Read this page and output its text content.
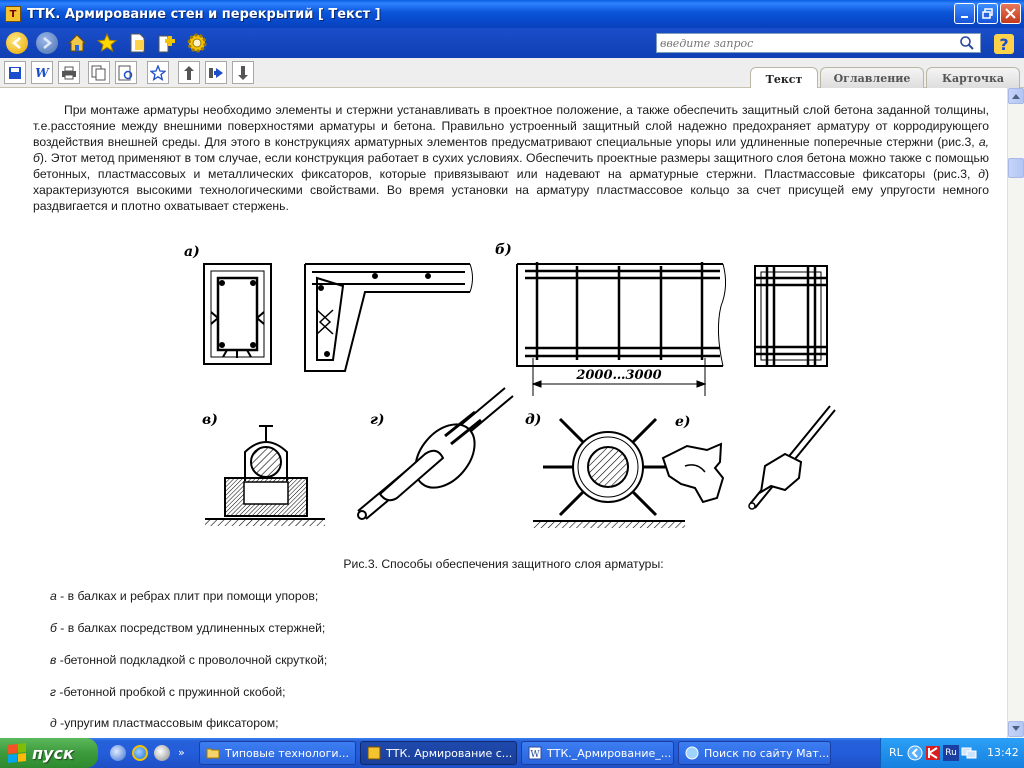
Т ТТК. Армирование стен и перекрытий [ Текст ]
введите запрос
?
W	Текст	Оглавление	Карточка

При монтаже арматуры необходимо элементы и стержни устанавливать в проектное положение, а также обеспечить защитный слой бетона заданной толщины, т.е.расстояние между внешними поверхностями арматуры и бетона. Правильно устроенный защитный слой надежно предохраняет арматуру от корродирующего воздействия внешней среды. Для этого в конструкциях арматурных элементов предусматривают специальные упоры или удлиненные поперечные стержни (рис.3, а, б). Этот метод применяют в том случае, если конструкция работает в сухих условиях. Обеспечить проектные размеры защитного слоя бетона можно также с помощью бетонных, пластмассовых и металлических фиксаторов, которые привязывают или надевают на арматурные стержни. Пластмассовые фиксаторы (рис.3, д) характеризуются высокими технологическими свойствами. Во время установки на арматуру пластмассовое кольцо за счет присущей ему упругости немного раздвигается и плотно охватывает стержень.

а)	б)
2000…3000
в)	г)	д)	е)
Рис.3. Способы обеспечения защитного слоя арматуры:
а - в балках и ребрах плит при помощи упоров;
б - в балках посредством удлиненных стержней;
в -бетонной подкладкой с проволочной скруткой;
г -бетонной пробкой с пружинной скобой;
д -упругим пластмассовым фиксатором;
пуск	»	Типовые технологи...	ТТК. Армирование с... W ТТК._Армирование_...	Поиск по сайту Мат...	RL	Ru	13:42
